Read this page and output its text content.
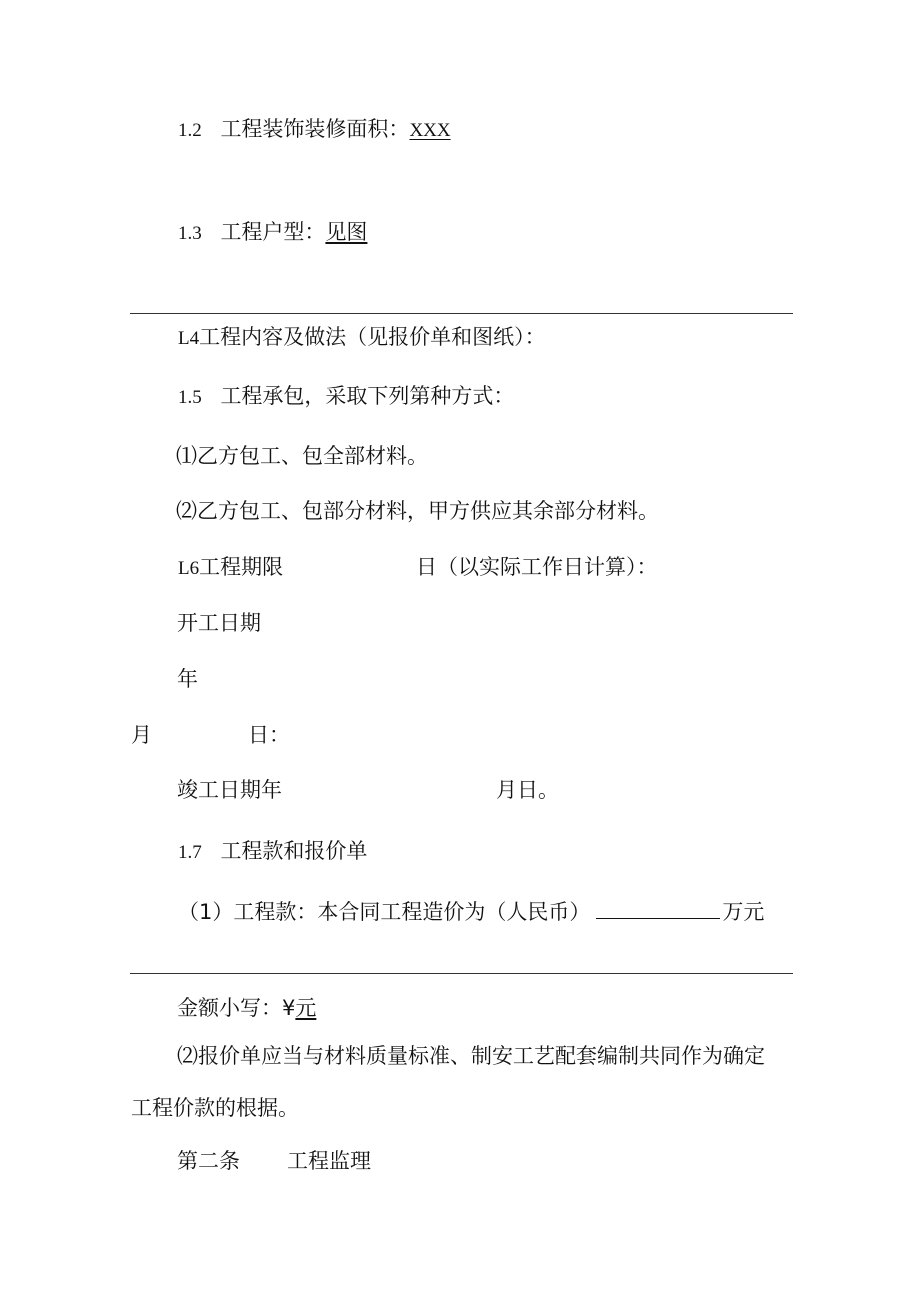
1.2 工程装饰装修面积：XXX
1.3 工程户型：见图
L4工程内容及做法（见报价单和图纸）：
1.5 工程承包，采取下列第种方式：
⑴乙方包工、包全部材料。
⑵乙方包工、包部分材料，甲方供应其余部分材料。
L6工程期限	日（以实际工作日计算）：
开工日期
年
月	日：
竣工日期年	月日。
1.7 工程款和报价单
（1）工程款：本合同工程造价为（人民币）	万元
金额小写：¥元
⑵报价单应当与材料质量标准、制安工艺配套编制共同作为确定
工程价款的根据。
第二条 工程监理
